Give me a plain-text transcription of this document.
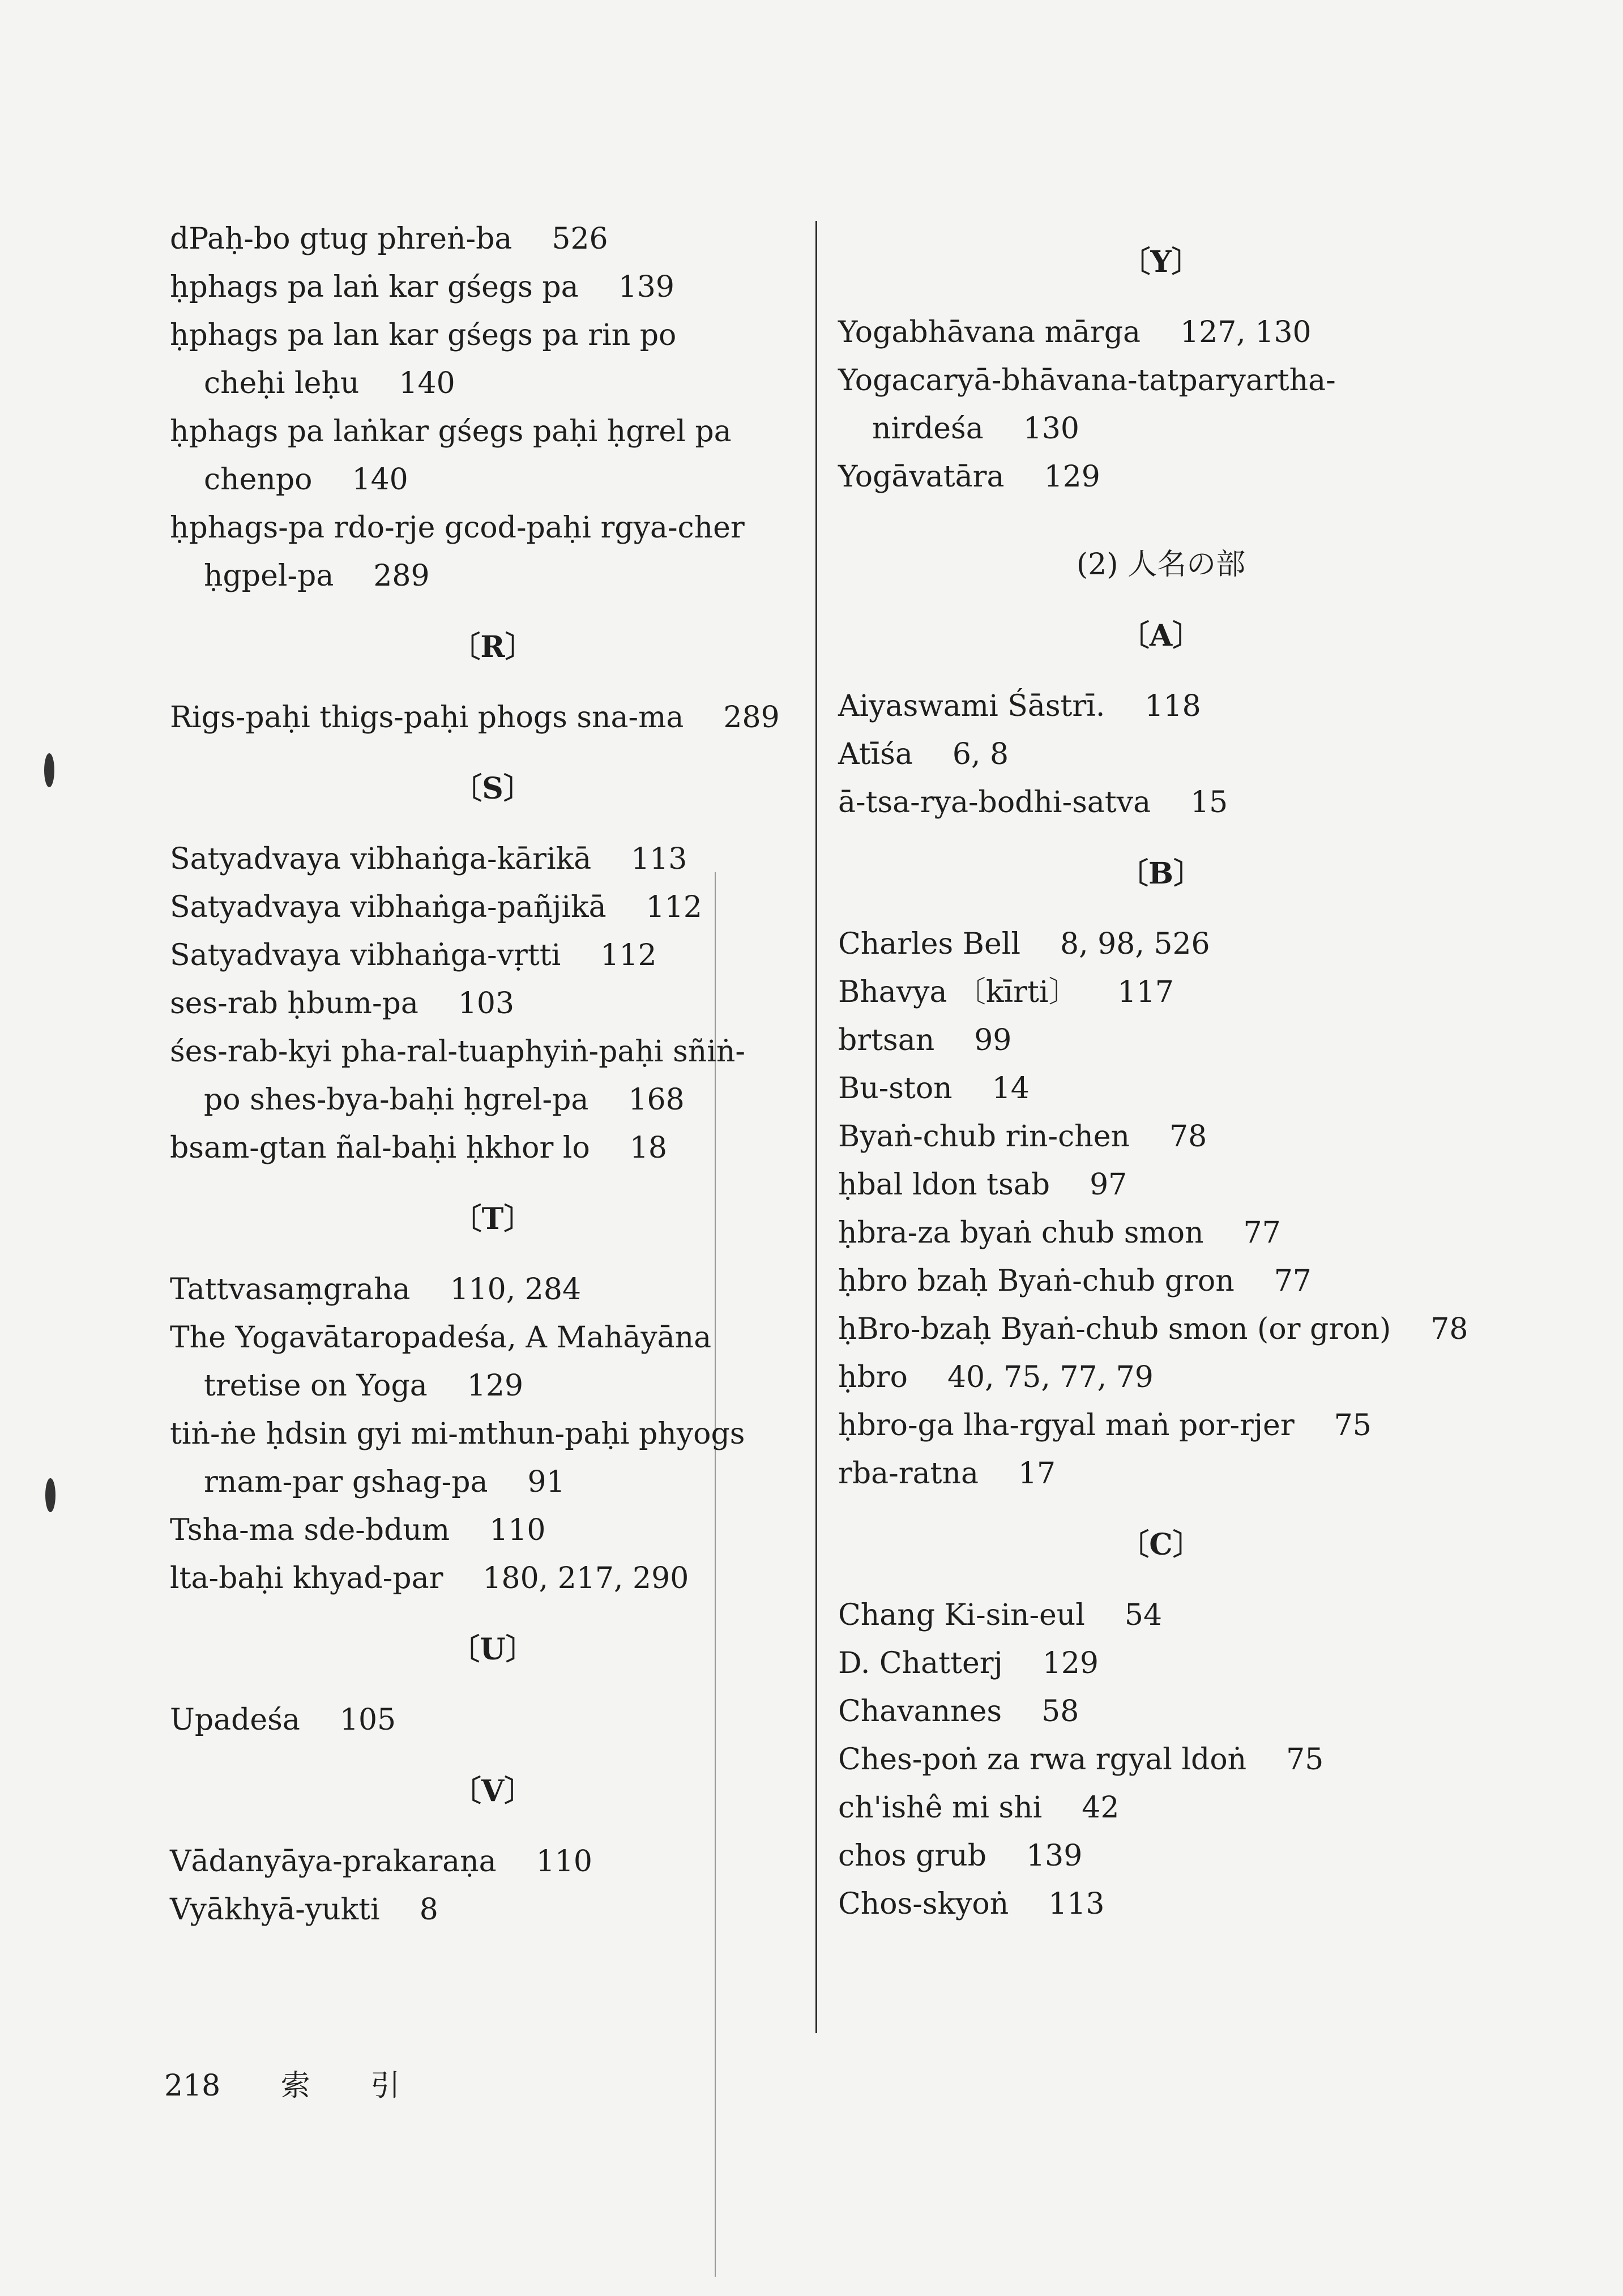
dPaḥ-bo gtug phreṅ-ba 526
ḥphags pa laṅ kar gśegs pa 139
ḥphags pa lan kar gśegs pa rin po
cheḥi leḥu 140
ḥphags pa laṅkar gśegs paḥi ḥgrel pa
chenpo 140
ḥphags-pa rdo-rje gcod-paḥi rgya-cher
ḥgpel-pa 289
〔R〕
Rigs-paḥi thigs-paḥi phogs sna-ma 289
〔S〕
Satyadvaya vibhaṅga-kārikā 113
Satyadvaya vibhaṅga-pañjikā 112
Satyadvaya vibhaṅga-vṛtti 112
ses-rab ḥbum-pa 103
śes-rab-kyi pha-ral-tuaphyiṅ-paḥi sñiṅ-
po shes-bya-baḥi ḥgrel-pa 168
bsam-gtan ñal-baḥi ḥkhor lo 18
〔T〕
Tattvasaṃgraha 110, 284
The Yogavātaropadeśa, A Mahāyāna
tretise on Yoga 129
tiṅ-ṅe ḥdsin gyi mi-mthun-paḥi phyogs
rnam-par gshag-pa 91
Tsha-ma sde-bdum 110
lta-baḥi khyad-par 180, 217, 290
〔U〕
Upadeśa 105
〔V〕
Vādanyāya-prakaraṇa 110
Vyākhyā-yukti 8
〔Y〕
Yogabhāvana mārga 127, 130
Yogacaryā-bhāvana-tatparyartha-
nirdeśa 130
Yogāvatāra 129
(2) 人名の部
〔A〕
Aiyaswami Śāstrī. 118
Atīśa 6, 8
ā-tsa-rya-bodhi-satva 15
〔B〕
Charles Bell 8, 98, 526
Bhavya 〔kīrti〕 117
brtsan 99
Bu-ston 14
Byaṅ-chub rin-chen 78
ḥbal ldon tsab 97
ḥbra-za byaṅ chub smon 77
ḥbro bzaḥ Byaṅ-chub gron 77
ḥBro-bzaḥ Byaṅ-chub smon (or gron) 78
ḥbro 40, 75, 77, 79
ḥbro-ga lha-rgyal maṅ por-rjer 75
rba-ratna 17
〔C〕
Chang Ki-sin-eul 54
D. Chatterj 129
Chavannes 58
Ches-poṅ za rwa rgyal ldoṅ 75
ch'ishê mi shi 42
chos grub 139
Chos-skyoṅ 113
218 索 引
